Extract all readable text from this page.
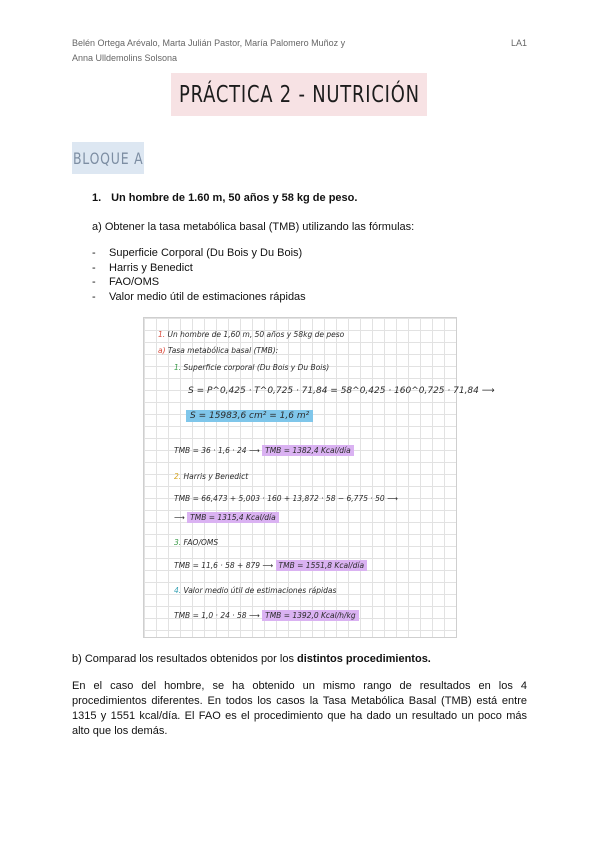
Belén Ortega Arévalo, Marta Julián Pastor, María Palomero Muñoz y
Anna Ulldemolins Solsona
LA1
PRÁCTICA 2 - NUTRICIÓN
BLOQUE A
1. Un hombre de 1.60 m, 50 años y 58 kg de peso.
a) Obtener la tasa metabólica basal (TMB) utilizando las fórmulas:
- Superficie Corporal (Du Bois y Du Bois)
- Harris y Benedict
- FAO/OMS
- Valor medio útil de estimaciones rápidas
1. Un hombre de 1,60 m, 50 años y 58kg de peso
a) Tasa metabólica basal (TMB):
1. Superficie corporal (Du Bois y Du Bois)
S = P^0,425 · T^0,725 · 71,84 = 58^0,425 · 160^0,725 · 71,84 ⟶
S = 15983,6 cm² = 1,6 m²
TMB = 36 · 1,6 · 24 ⟶ TMB = 1382,4 Kcal/día
2. Harris y Benedict
TMB = 66,473 + 5,003 · 160 + 13,872 · 58 − 6,775 · 50 ⟶
⟶ TMB = 1315,4 Kcal/día
3. FAO/OMS
TMB = 11,6 · 58 + 879 ⟶ TMB = 1551,8 Kcal/día
4. Valor medio útil de estimaciones rápidas
TMB = 1,0 · 24 · 58 ⟶ TMB = 1392,0 Kcal/h/kg
b) Comparad los resultados obtenidos por los distintos procedimientos.
En el caso del hombre, se ha obtenido un mismo rango de resultados en los 4 procedimientos diferentes. En todos los casos la Tasa Metabólica Basal (TMB) está entre 1315 y 1551 kcal/día. El FAO es el procedimiento que ha dado un resultado un poco más alto que los demás.
